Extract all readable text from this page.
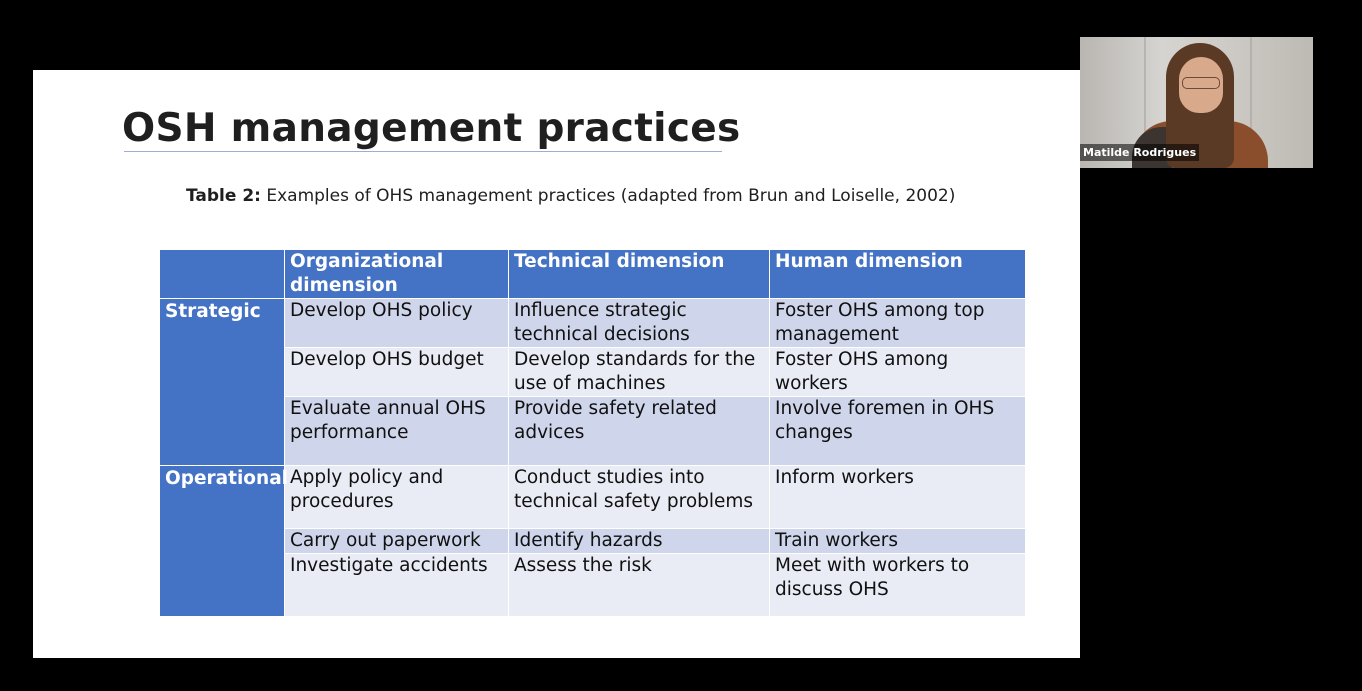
OSH management practices
Table 2: Examples of OHS management practices (adapted from Brun and Loiselle, 2002)
	Organizational dimension	Technical dimension	Human dimension
Strategic	Develop OHS policy	Influence strategic technical decisions	Foster OHS among top management
	Develop OHS budget	Develop standards for the use of machines	Foster OHS among workers
	Evaluate annual OHS performance	Provide safety related advices	Involve foremen in OHS changes
Operational	Apply policy and procedures	Conduct studies into technical safety problems	Inform workers
	Carry out paperwork	Identify hazards	Train workers
	Investigate accidents	Assess the risk	Meet with workers to discuss OHS
Matilde Rodrigues
